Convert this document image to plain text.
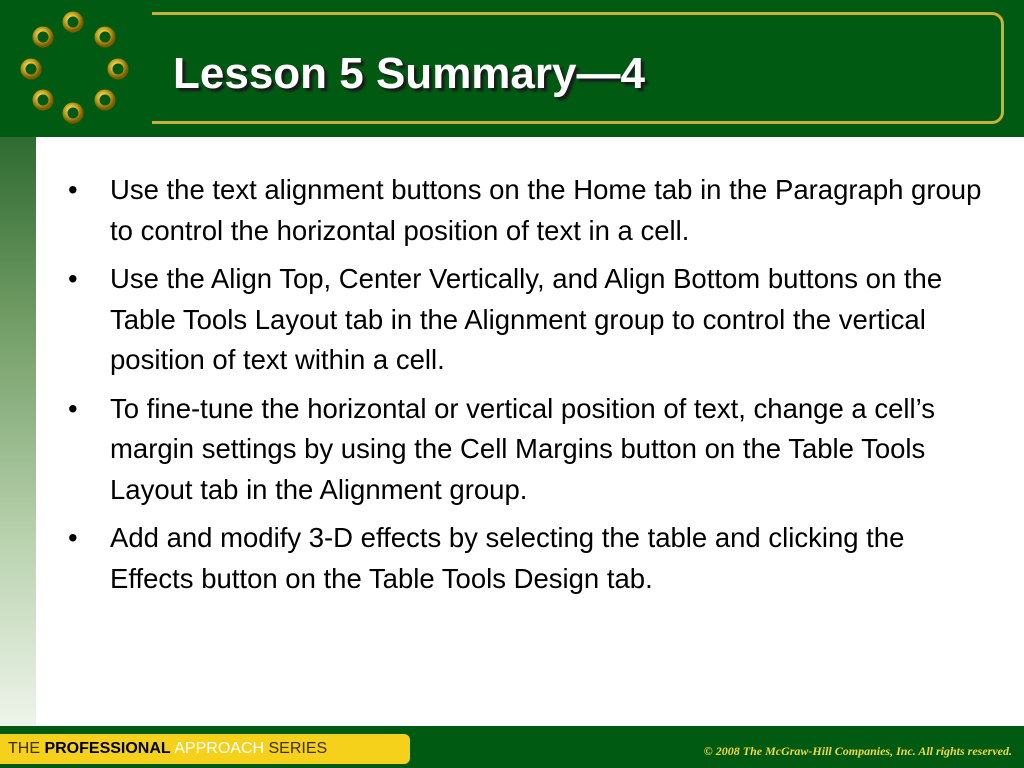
Lesson 5 Summary—4
• Use the text alignment buttons on the Home tab in the Paragraph group to control the horizontal position of text in a cell.
• Use the Align Top, Center Vertically, and Align Bottom buttons on the Table Tools Layout tab in the Alignment group to control the vertical position of text within a cell.
• To fine-tune the horizontal or vertical position of text, change a cell’s margin settings by using the Cell Margins button on the Table Tools Layout tab in the Alignment group.
• Add and modify 3-D effects by selecting the table and clicking the Effects button on the Table Tools Design tab.
THE PROFESSIONAL APPROACH SERIES	© 2008 The McGraw-Hill Companies, Inc. All rights reserved.
